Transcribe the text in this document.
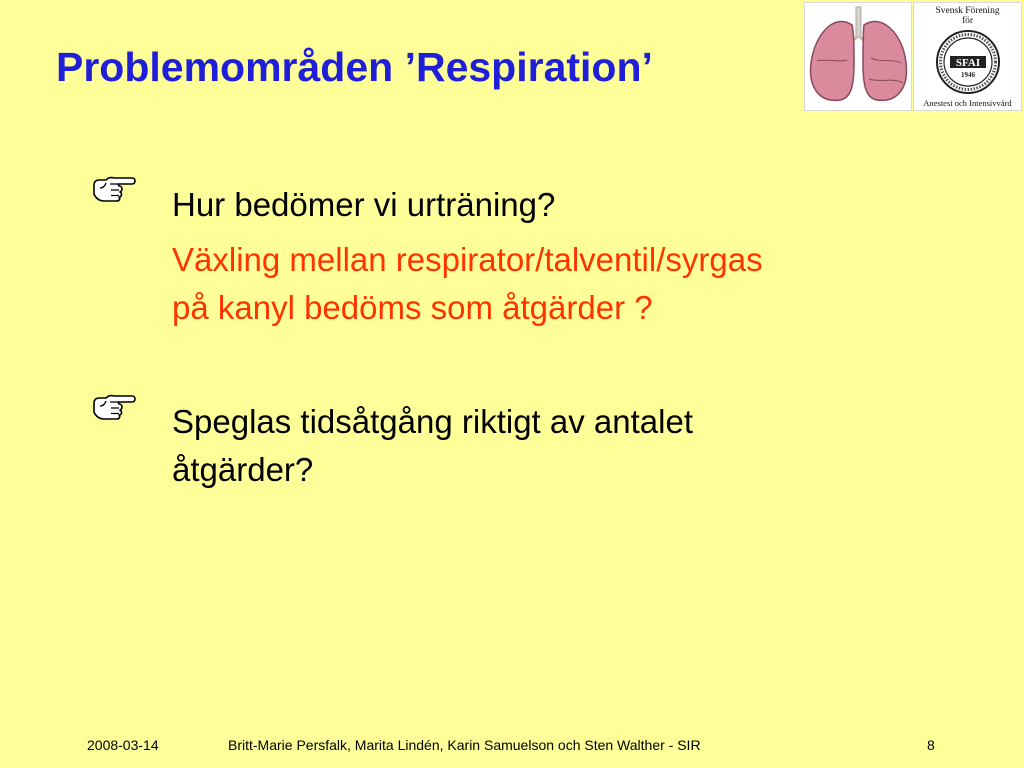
Problemområden ’Respiration’
Svensk Förening
för
SFAI
1946
Anestesi och Intensivvård
Hur bedömer vi urträning?
Växling mellan respirator/talventil/syrgas
på kanyl bedöms som åtgärder ?
Speglas tidsåtgång riktigt av antalet
åtgärder?
2008-03-14	Britt-Marie Persfalk, Marita Lindén, Karin Samuelson och Sten Walther - SIR	8
